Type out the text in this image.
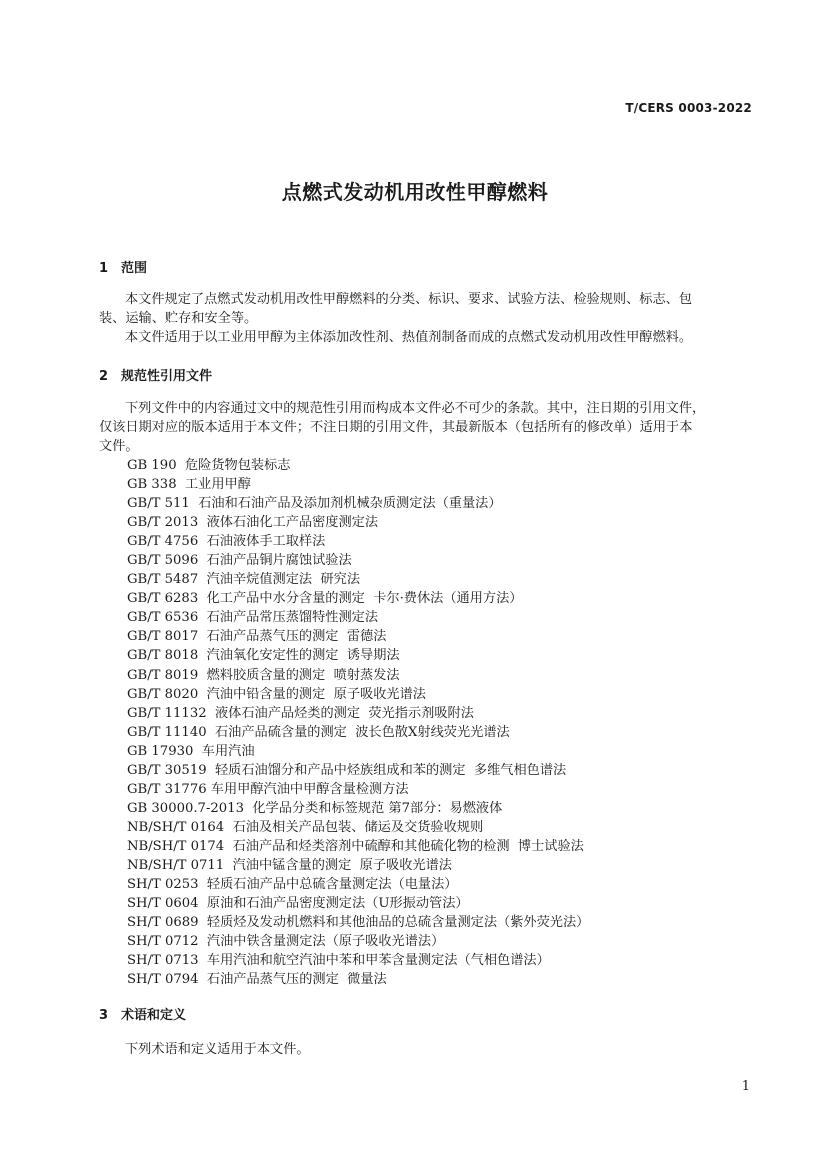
T/CERS 0003-2022
点燃式发动机用改性甲醇燃料
1 范围
本文件规定了点燃式发动机用改性甲醇燃料的分类、标识、要求、试验方法、检验规则、标志、包
装、运输、贮存和安全等。
本文件适用于以工业用甲醇为主体添加改性剂、热值剂制备而成的点燃式发动机用改性甲醇燃料。
2 规范性引用文件
下列文件中的内容通过文中的规范性引用而构成本文件必不可少的条款。其中，注日期的引用文件，
仅该日期对应的版本适用于本文件；不注日期的引用文件，其最新版本（包括所有的修改单）适用于本
文件。
GB 190  危险货物包装标志
GB 338  工业用甲醇
GB/T 511  石油和石油产品及添加剂机械杂质测定法（重量法）
GB/T 2013  液体石油化工产品密度测定法
GB/T 4756  石油液体手工取样法
GB/T 5096  石油产品铜片腐蚀试验法
GB/T 5487  汽油辛烷值测定法  研究法
GB/T 6283  化工产品中水分含量的测定  卡尔·费休法（通用方法）
GB/T 6536  石油产品常压蒸馏特性测定法
GB/T 8017  石油产品蒸气压的测定  雷德法
GB/T 8018  汽油氧化安定性的测定  诱导期法
GB/T 8019  燃料胶质含量的测定  喷射蒸发法
GB/T 8020  汽油中铅含量的测定  原子吸收光谱法
GB/T 11132  液体石油产品烃类的测定  荧光指示剂吸附法
GB/T 11140  石油产品硫含量的测定  波长色散X射线荧光光谱法
GB 17930  车用汽油
GB/T 30519  轻质石油馏分和产品中烃族组成和苯的测定  多维气相色谱法
GB/T 31776 车用甲醇汽油中甲醇含量检测方法
GB 30000.7-2013  化学品分类和标签规范 第7部分：易燃液体
NB/SH/T 0164  石油及相关产品包装、储运及交货验收规则
NB/SH/T 0174  石油产品和烃类溶剂中硫醇和其他硫化物的检测  博士试验法
NB/SH/T 0711  汽油中锰含量的测定  原子吸收光谱法
SH/T 0253  轻质石油产品中总硫含量测定法（电量法）
SH/T 0604  原油和石油产品密度测定法（U形振动管法）
SH/T 0689  轻质烃及发动机燃料和其他油品的总硫含量测定法（紫外荧光法）
SH/T 0712  汽油中铁含量测定法（原子吸收光谱法）
SH/T 0713  车用汽油和航空汽油中苯和甲苯含量测定法（气相色谱法）
SH/T 0794  石油产品蒸气压的测定  微量法
3 术语和定义
下列术语和定义适用于本文件。
1
